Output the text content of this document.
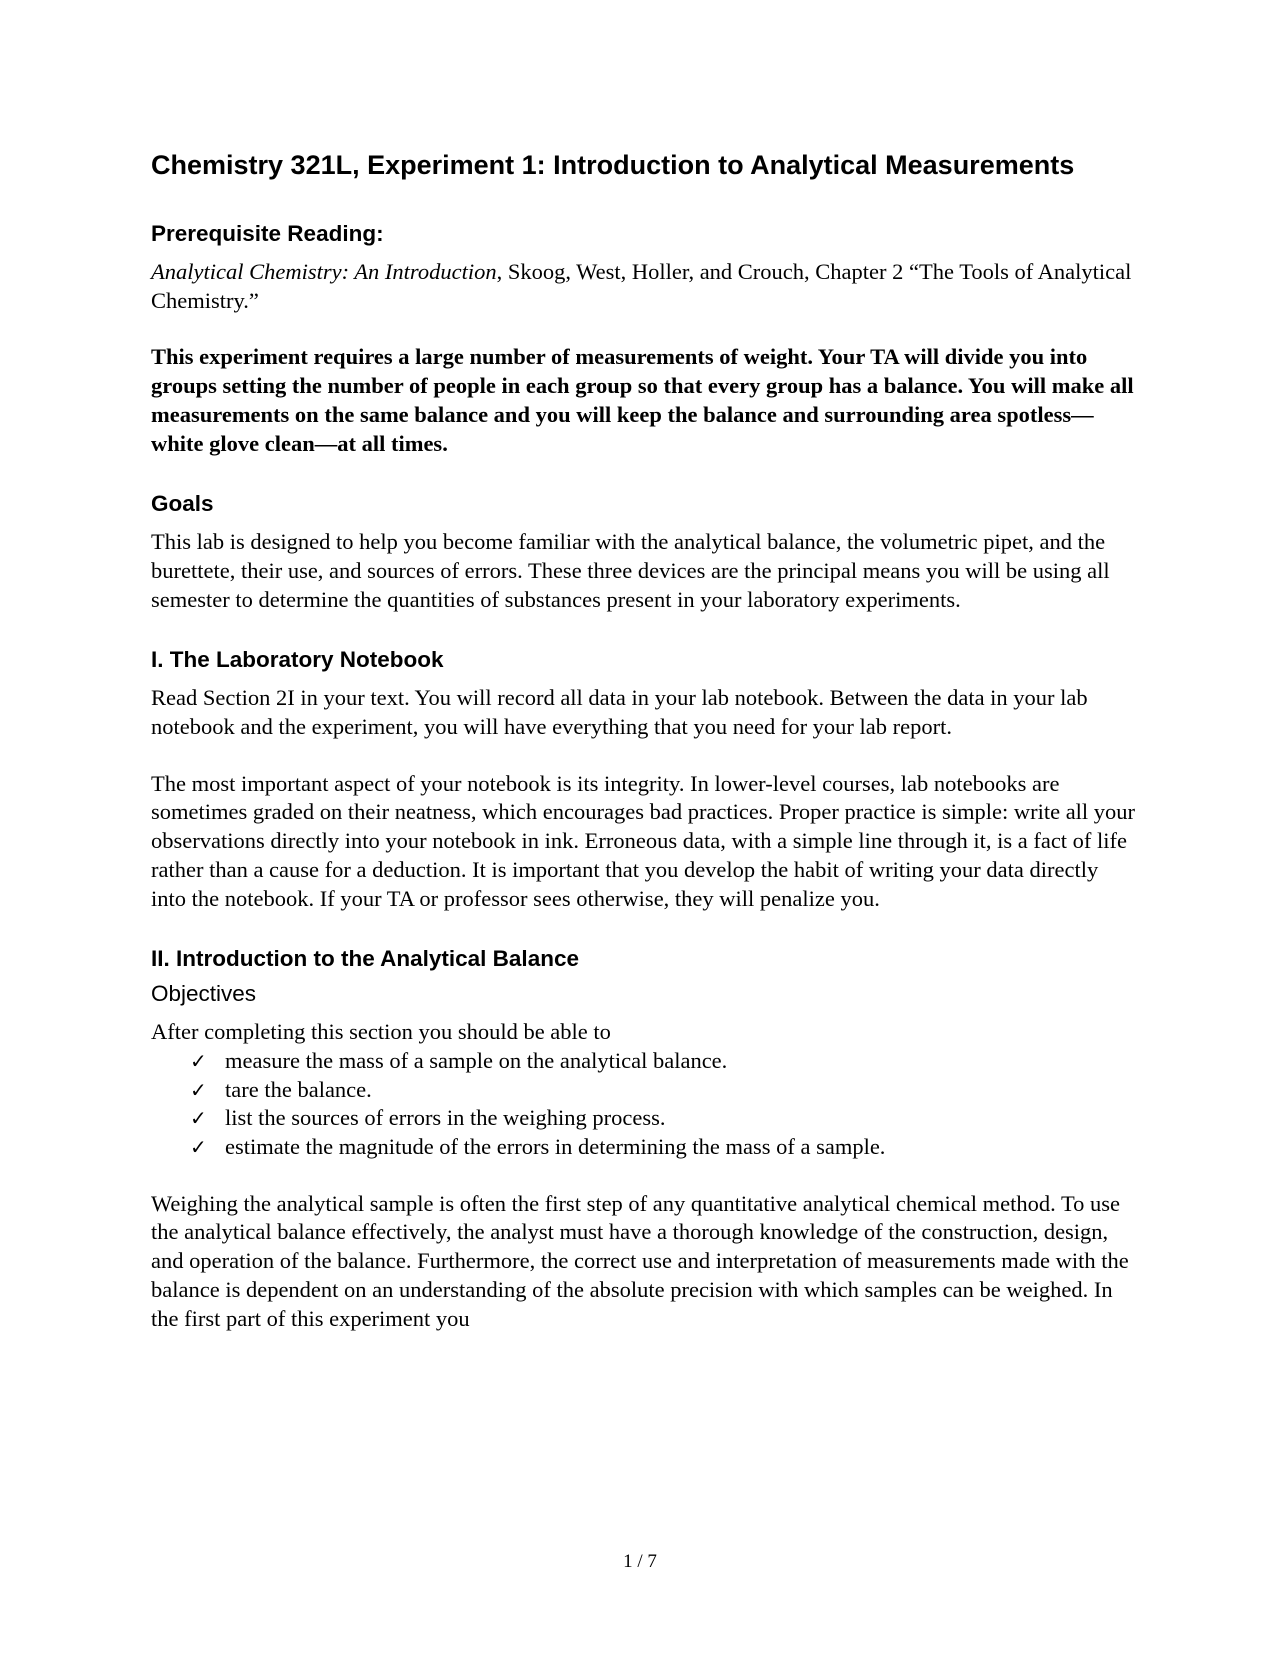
Chemistry 321L, Experiment 1: Introduction to Analytical Measurements
Prerequisite Reading:

Analytical Chemistry: An Introduction, Skoog, West, Holler, and Crouch, Chapter 2 “The Tools of Analytical Chemistry.”

This experiment requires a large number of measurements of weight. Your TA will divide you into groups setting the number of people in each group so that every group has a balance. You will make all measurements on the same balance and you will keep the balance and surrounding area spotless—white glove clean—at all times.

Goals

This lab is designed to help you become familiar with the analytical balance, the volumetric pipet, and the burettete, their use, and sources of errors. These three devices are the principal means you will be using all semester to determine the quantities of substances present in your laboratory experiments.

I. The Laboratory Notebook

Read Section 2I in your text. You will record all data in your lab notebook. Between the data in your lab notebook and the experiment, you will have everything that you need for your lab report.

The most important aspect of your notebook is its integrity. In lower-level courses, lab notebooks are sometimes graded on their neatness, which encourages bad practices. Proper practice is simple: write all your observations directly into your notebook in ink. Erroneous data, with a simple line through it, is a fact of life rather than a cause for a deduction. It is important that you develop the habit of writing your data directly into the notebook. If your TA or professor sees otherwise, they will penalize you.

II. Introduction to the Analytical Balance
Objectives

After completing this section you should be able to

✓ measure the mass of a sample on the analytical balance.
✓ tare the balance.
✓ list the sources of errors in the weighing process.
✓ estimate the magnitude of the errors in determining the mass of a sample.

Weighing the analytical sample is often the first step of any quantitative analytical chemical method. To use the analytical balance effectively, the analyst must have a thorough knowledge of the construction, design, and operation of the balance. Furthermore, the correct use and interpretation of measurements made with the balance is dependent on an understanding of the absolute precision with which samples can be weighed. In the first part of this experiment you

1 / 7
